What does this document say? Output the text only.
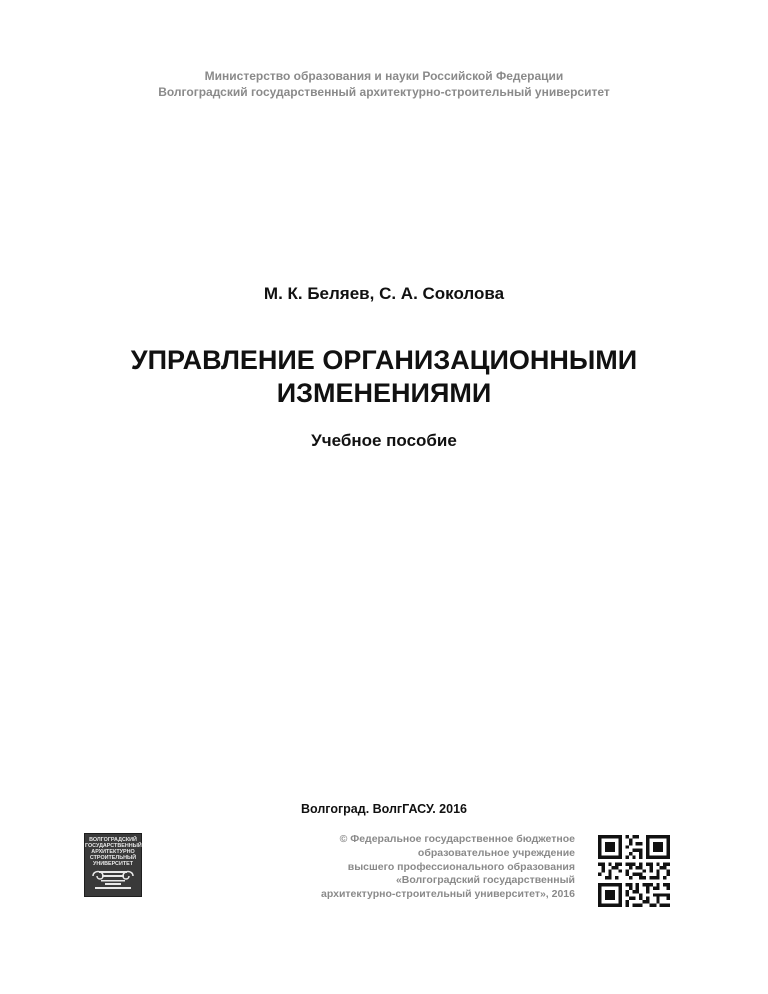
Министерство образования и науки Российской Федерации
Волгоградский государственный архитектурно-строительный университет
М. К. Беляев, С. А. Соколова
УПРАВЛЕНИЕ ОРГАНИЗАЦИОННЫМИ
ИЗМЕНЕНИЯМИ
Учебное пособие
Волгоград. ВолгГАСУ. 2016
ВОЛГОГРАДСКИЙ
ГОСУДАРСТВЕННЫЙ
АРХИТЕКТУРНО
СТРОИТЕЛЬНЫЙ
УНИВЕРСИТЕТ
© Федеральное государственное бюджетное
образовательное учреждение
высшего профессионального образования
«Волгоградский государственный
архитектурно-строительный университет», 2016
